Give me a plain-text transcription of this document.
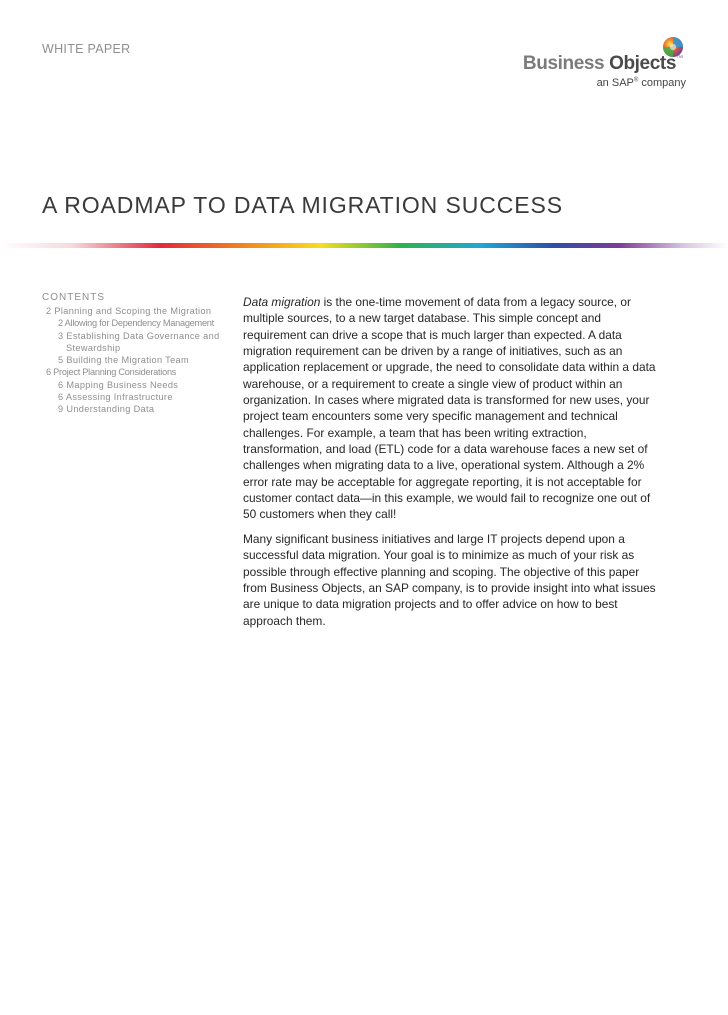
WHITE PAPER
Business Objects ™
an SAP® company
A ROADMAP TO DATA MIGRATION SUCCESS
CONTENTS
2 Planning and Scoping the Migration
2 Allowing for Dependency Management
3 Establishing Data Governance and
Stewardship
5 Building the Migration Team
6 Project Planning Considerations
6 Mapping Business Needs
6 Assessing Infrastructure
9 Understanding Data

Data migration is the one-time movement of data from a legacy source, or multiple sources, to a new target database. This simple concept and requirement can drive a scope that is much larger than expected. A data migration requirement can be driven by a range of initiatives, such as an application replacement or upgrade, the need to consolidate data within a data warehouse, or a requirement to create a single view of product within an organization. In cases where migrated data is transformed for new uses, your project team encounters some very specific management and technical challenges. For example, a team that has been writing extraction, transformation, and load (ETL) code for a data warehouse faces a new set of challenges when migrating data to a live, operational system. Although a 2% error rate may be acceptable for aggregate reporting, it is not acceptable for customer contact data—in this example, we would fail to recognize one out of 50 customers when they call!

Many significant business initiatives and large IT projects depend upon a successful data migration. Your goal is to minimize as much of your risk as possible through effective planning and scoping. The objective of this paper from Business Objects, an SAP company, is to provide insight into what issues are unique to data migration projects and to offer advice on how to best approach them.
